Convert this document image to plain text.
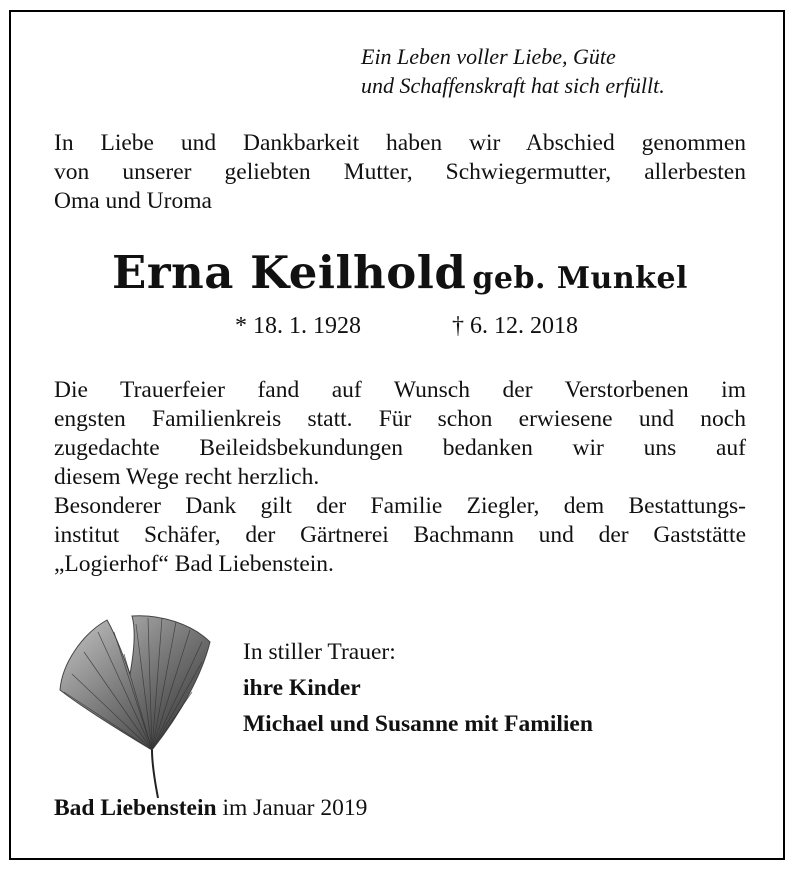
Ein Leben voller Liebe, Güte
und Schaffenskraft hat sich erfüllt.
In Liebe und Dankbarkeit haben wir Abschied genommen
von unserer geliebten Mutter, Schwiegermutter, allerbesten
Oma und Uroma
Erna Keilhold geb. Munkel
* 18. 1. 1928	† 6. 12. 2018
Die Trauerfeier fand auf Wunsch der Verstorbenen im
engsten Familienkreis statt. Für schon erwiesene und noch
zugedachte Beileidsbekundungen bedanken wir uns auf
diesem Wege recht herzlich.
Besonderer Dank gilt der Familie Ziegler, dem Bestattungs-
institut Schäfer, der Gärtnerei Bachmann und der Gaststätte
„Logierhof“ Bad Liebenstein.
In stiller Trauer:
ihre Kinder
Michael und Susanne mit Familien
Bad Liebenstein im Januar 2019
